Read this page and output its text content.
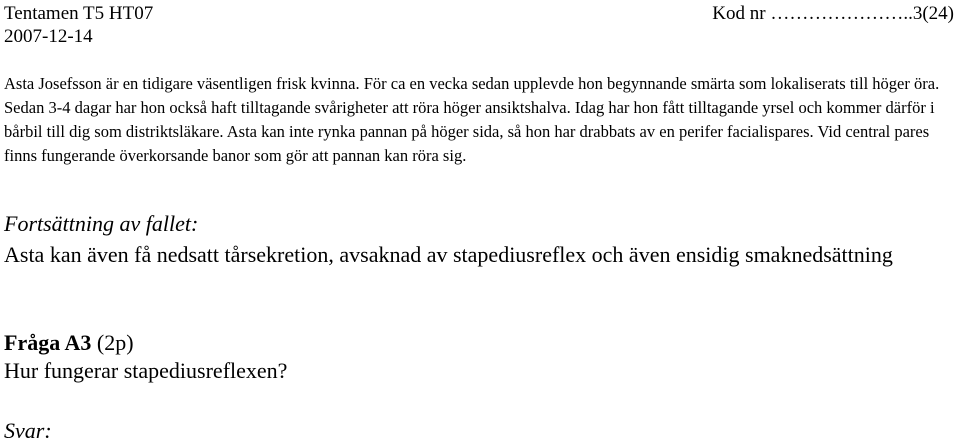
Tentamen T5 HT07	Kod nr …………………..3(24)
2007-12-14

Asta Josefsson är en tidigare väsentligen frisk kvinna. För ca en vecka sedan upplevde hon begynnande smärta som lokaliserats till höger öra. Sedan 3-4 dagar har hon också haft tilltagande svårigheter att röra höger ansiktshalva. Idag har hon fått tilltagande yrsel och kommer därför i bårbil till dig som distriktsläkare. Asta kan inte rynka pannan på höger sida, så hon har drabbats av en perifer facialispares. Vid central pares finns fungerande överkorsande banor som gör att pannan kan röra sig.

Fortsättning av fallet:

Asta kan även få nedsatt tårsekretion, avsaknad av stapediusreflex och även ensidig smaknedsättning

Fråga A3 (2p)

Hur fungerar stapediusreflexen?

Svar:
